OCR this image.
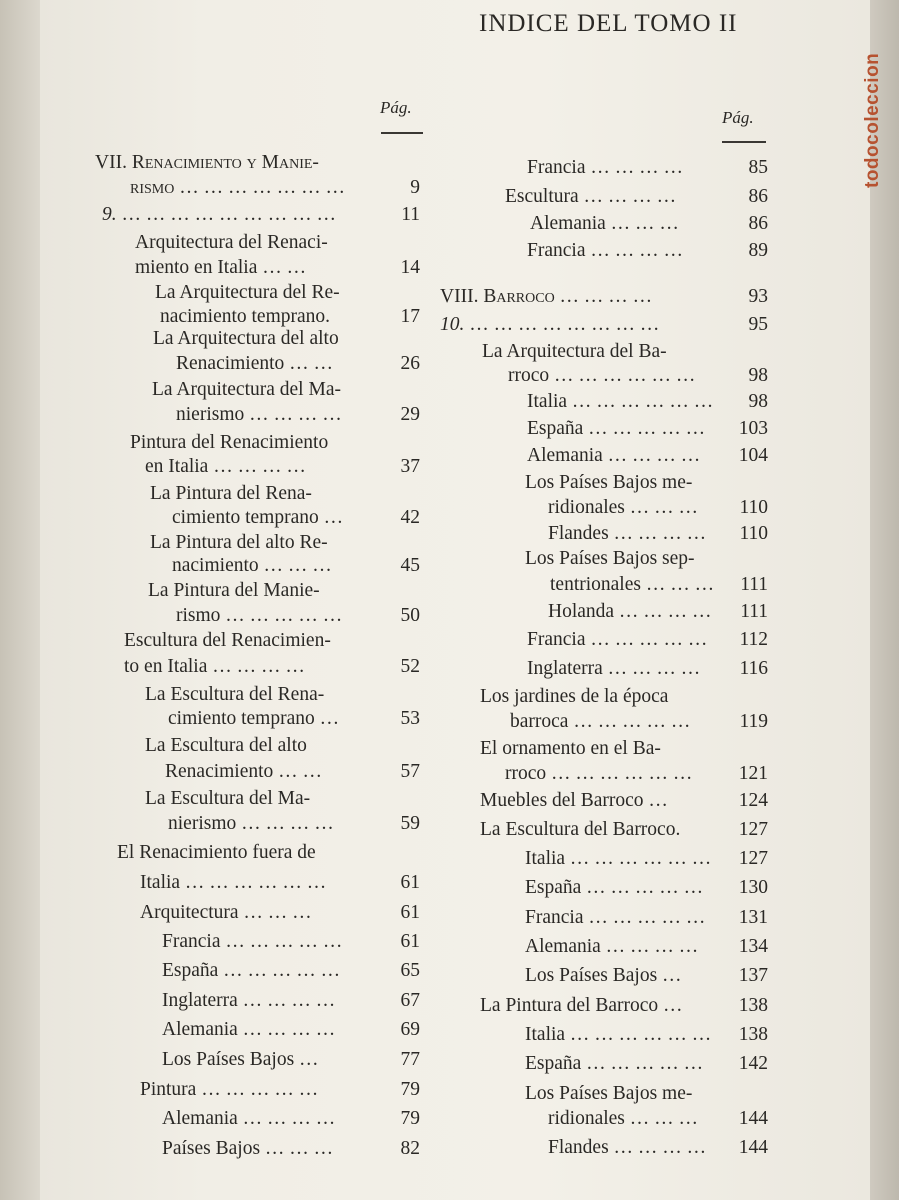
INDICE DEL TOMO II
todocoleccion
Pág.
Pág.
VII. Renacimiento y Manie-
rismo … … … … … … …	9
9. … … … … … … … … …	11
Arquitectura del Renaci-
miento en Italia … …	14
La Arquitectura del Re-
nacimiento temprano.	17
La Arquitectura del alto
Renacimiento … …	26
La Arquitectura del Ma-
nierismo … … … …	29
Pintura del Renacimiento
en Italia … … … …	37
La Pintura del Rena-
cimiento temprano …	42
La Pintura del alto Re-
nacimiento … … …	45
La Pintura del Manie-
rismo … … … … …	50
Escultura del Renacimien-
to en Italia … … … …	52
La Escultura del Rena-
cimiento temprano …	53
La Escultura del alto
Renacimiento … …	57
La Escultura del Ma-
nierismo … … … …	59
El Renacimiento fuera de
Italia … … … … … …	61
Arquitectura … … …	61
Francia … … … … …	61
España … … … … …	65
Inglaterra … … … …	67
Alemania … … … …	69
Los Países Bajos …	77
Pintura … … … … …	79
Alemania … … … …	79
Países Bajos … … …	82
Francia … … … …	85
Escultura … … … …	86
Alemania … … …	86
Francia … … … …	89
VIII. Barroco … … … …	93
10. … … … … … … … …	95
La Arquitectura del Ba-
rroco … … … … … …	98
Italia … … … … … …	98
España … … … … …	103
Alemania … … … …	104
Los Países Bajos me-
ridionales … … …	110
Flandes … … … …	110
Los Países Bajos sep-
tentrionales … … …	111
Holanda … … … …	111
Francia … … … … …	112
Inglaterra … … … …	116
Los jardines de la época
barroca … … … … …	119
El ornamento en el Ba-
rroco … … … … … …	121
Muebles del Barroco …	124
La Escultura del Barroco.	127
Italia … … … … … …	127
España … … … … …	130
Francia … … … … …	131
Alemania … … … …	134
Los Países Bajos …	137
La Pintura del Barroco …	138
Italia … … … … … …	138
España … … … … …	142
Los Países Bajos me-
ridionales … … …	144
Flandes … … … …	144
